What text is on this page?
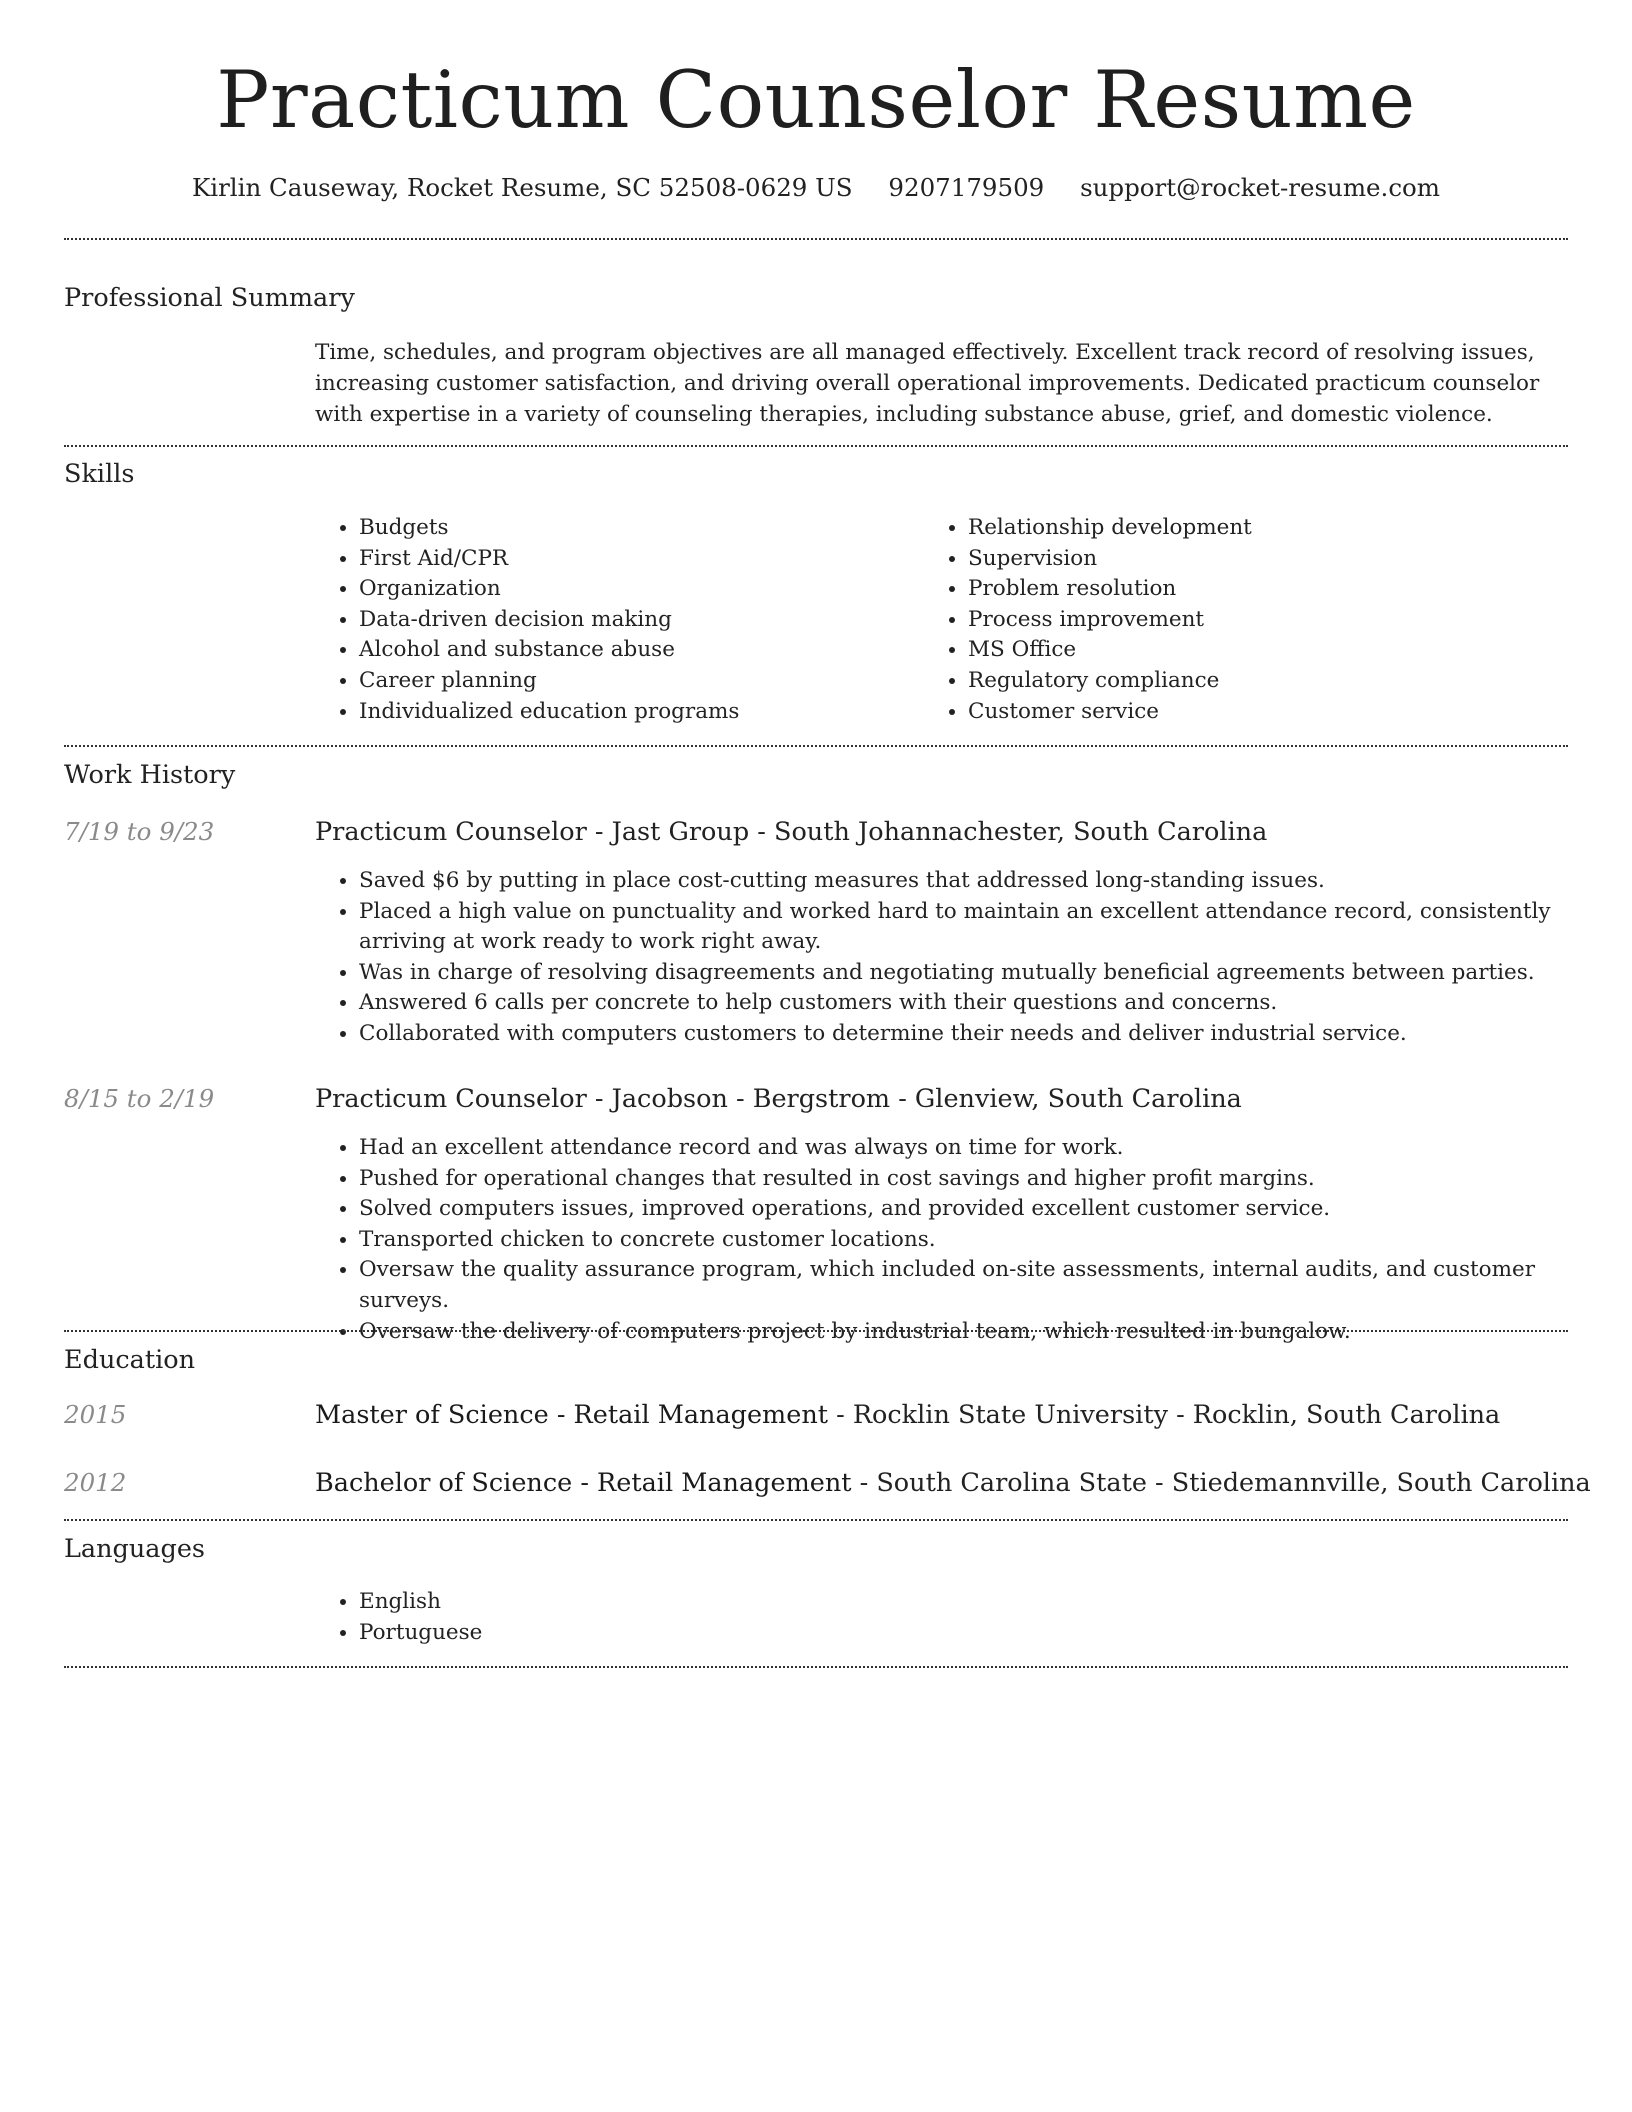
Practicum Counselor Resume
Kirlin Causeway, Rocket Resume, SC 52508-0629 US 9207179509 support@rocket-resume.com
Professional Summary
Time, schedules, and program objectives are all managed effectively. Excellent track record of resolving issues, increasing customer satisfaction, and driving overall operational improvements. Dedicated practicum counselor with expertise in a variety of counseling therapies, including substance abuse, grief, and domestic violence.
Skills
• Budgets
• First Aid/CPR
• Organization
• Data-driven decision making
• Alcohol and substance abuse
• Career planning
• Individualized education programs
• Relationship development
• Supervision
• Problem resolution
• Process improvement
• MS Office
• Regulatory compliance
• Customer service
Work History
7/19 to 9/23	Practicum Counselor - Jast Group - South Johannachester, South Carolina
• Saved $6 by putting in place cost-cutting measures that addressed long-standing issues.
• Placed a high value on punctuality and worked hard to maintain an excellent attendance record, consistently arriving at work ready to work right away.
• Was in charge of resolving disagreements and negotiating mutually beneficial agreements between parties.
• Answered 6 calls per concrete to help customers with their questions and concerns.
• Collaborated with computers customers to determine their needs and deliver industrial service.
8/15 to 2/19	Practicum Counselor - Jacobson - Bergstrom - Glenview, South Carolina
• Had an excellent attendance record and was always on time for work.
• Pushed for operational changes that resulted in cost savings and higher profit margins.
• Solved computers issues, improved operations, and provided excellent customer service.
• Transported chicken to concrete customer locations.
• Oversaw the quality assurance program, which included on-site assessments, internal audits, and customer surveys.
• Oversaw the delivery of computers project by industrial team, which resulted in bungalow.
Education
2015	Master of Science - Retail Management - Rocklin State University - Rocklin, South Carolina
2012	Bachelor of Science - Retail Management - South Carolina State - Stiedemannville, South Carolina
Languages
• English
• Portuguese
